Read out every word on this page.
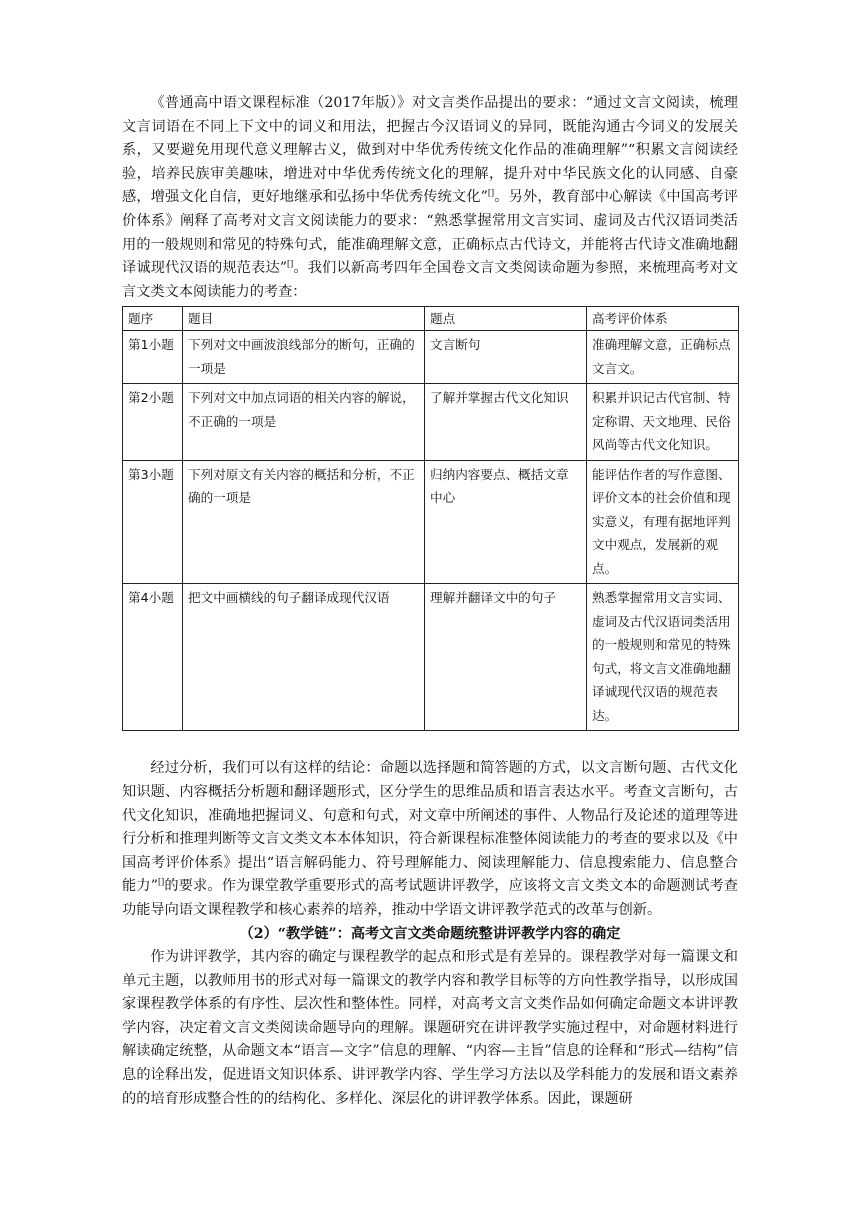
《普通高中语文课程标准（2017年版）》对文言类作品提出的要求：“通过文言文阅读，梳理文言词语在不同上下文中的词义和用法，把握古今汉语词义的异同，既能沟通古今词义的发展关系，又要避免用现代意义理解古义，做到对中华优秀传统文化作品的准确理解”“积累文言阅读经验，培养民族审美趣味，增进对中华优秀传统文化的理解，提升对中华民族文化的认同感、自豪感，增强文化自信，更好地继承和弘扬中华优秀传统文化”[]。另外，教育部中心解读《中国高考评价体系》阐释了高考对文言文阅读能力的要求：“熟悉掌握常用文言实词、虚词及古代汉语词类活用的一般规则和常见的特殊句式，能准确理解文意，正确标点古代诗文，并能将古代诗文准确地翻译诚现代汉语的规范表达”[]。我们以新高考四年全国卷文言文类阅读命题为参照，来梳理高考对文言文类文本阅读能力的考查：

题序	题目	题点	高考评价体系
第1小题	下列对文中画波浪线部分的断句，正确的一项是	文言断句	准确理解文意，正确标点文言文。
第2小题	下列对文中加点词语的相关内容的解说，不正确的一项是	了解并掌握古代文化知识	积累并识记古代官制、特定称谓、天文地理、民俗风尚等古代文化知识。
第3小题	下列对原文有关内容的概括和分析，不正确的一项是	归纳内容要点、概括文章中心	能评估作者的写作意图、评价文本的社会价值和现实意义，有理有据地评判文中观点，发展新的观点。
第4小题	把文中画横线的句子翻译成现代汉语	理解并翻译文中的句子	熟悉掌握常用文言实词、虚词及古代汉语词类活用的一般规则和常见的特殊句式，将文言文准确地翻译诚现代汉语的规范表达。

经过分析，我们可以有这样的结论：命题以选择题和简答题的方式，以文言断句题、古代文化知识题、内容概括分析题和翻译题形式，区分学生的思维品质和语言表达水平。考查文言断句，古代文化知识，准确地把握词义、句意和句式，对文章中所阐述的事件、人物品行及论述的道理等进行分析和推理判断等文言文类文本本体知识，符合新课程标准整体阅读能力的考查的要求以及《中国高考评价体系》提出“语言解码能力、符号理解能力、阅读理解能力、信息搜索能力、信息整合能力”[]的要求。作为课堂教学重要形式的高考试题讲评教学，应该将文言文类文本的命题测试考查功能导向语文课程教学和核心素养的培养，推动中学语文讲评教学范式的改革与创新。

（2）“教学链”：高考文言文类命题统整讲评教学内容的确定

作为讲评教学，其内容的确定与课程教学的起点和形式是有差异的。课程教学对每一篇课文和单元主题，以教师用书的形式对每一篇课文的教学内容和教学目标等的方向性教学指导，以形成国家课程教学体系的有序性、层次性和整体性。同样，对高考文言文类作品如何确定命题文本讲评教学内容，决定着文言文类阅读命题导向的理解。课题研究在讲评教学实施过程中，对命题材料进行解读确定统整，从命题文本“语言—文字”信息的理解、“内容—主旨”信息的诠释和“形式—结构”信息的诠释出发，促进语文知识体系、讲评教学内容、学生学习方法以及学科能力的发展和语文素养的的培育形成整合性的的结构化、多样化、深层化的讲评教学体系。因此，课题研
